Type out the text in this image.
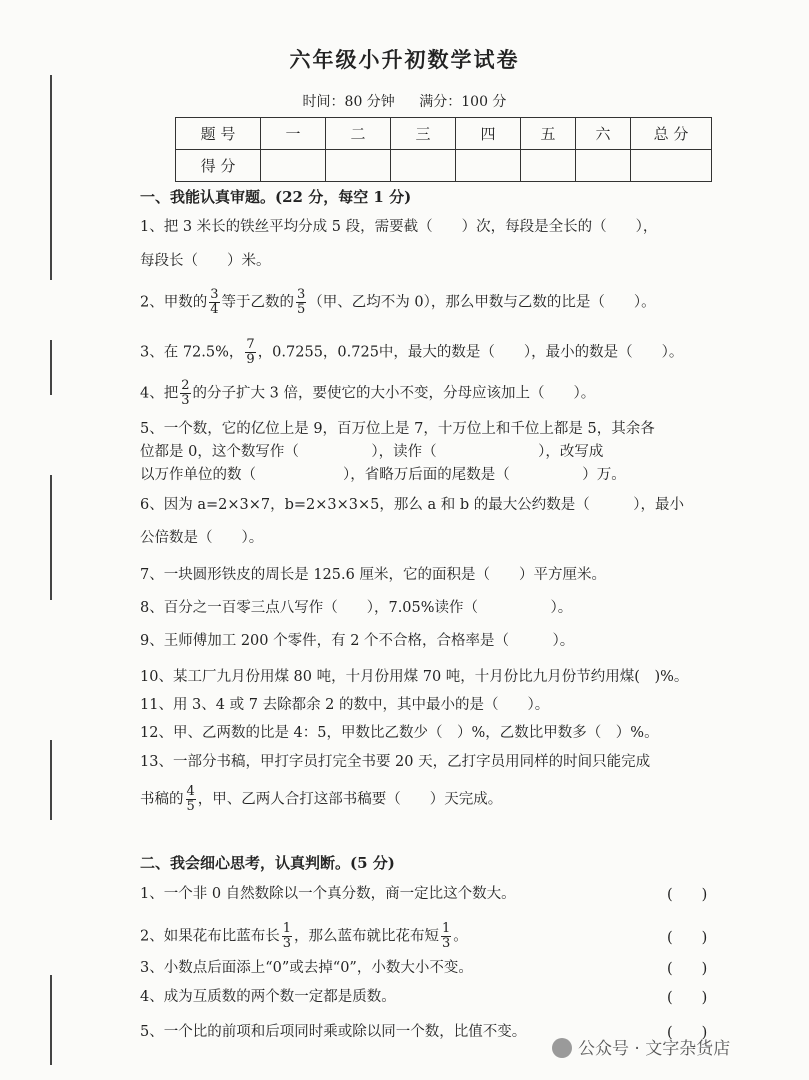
六年级小升初数学试卷
时间：80 分钟 满分：100 分
题 号	一	二	三	四	五	六	总 分
得 分							
一、我能认真审题。(22 分，每空 1 分)
1、把 3 米长的铁丝平均分成 5 段，需要截（　　）次，每段是全长的（　　），
每段长（　　）米。
2、甲数的 $\frac{3}{4}$ 等于乙数的 $\frac{3}{5}$ （甲、乙均不为 0），那么甲数与乙数的比是（　　）。
3、在 72.5%， $\frac{7}{9}$ ，0.7255，0.725中，最大的数是（　　），最小的数是（　　）。
4、把 $\frac{2}{3}$ 的分子扩大 3 倍，要使它的大小不变，分母应该加上（　　）。
5、一个数，它的亿位上是 9，百万位上是 7，十万位上和千位上都是 5，其余各
位都是 0，这个数写作（　　　　　），读作（　　　　　　　），改写成
以万作单位的数（　　　　　　），省略万后面的尾数是（　　　　　）万。
6、因为 a=2×3×7，b=2×3×3×5，那么 a 和 b 的最大公约数是（　　　），最小
公倍数是（　　）。
7、一块圆形铁皮的周长是 125.6 厘米，它的面积是（　　）平方厘米。
8、百分之一百零三点八写作（　　），7.05%读作（　　　　　）。
9、王师傅加工 200 个零件，有 2 个不合格，合格率是（　　　）。
10、某工厂九月份用煤 80 吨，十月份用煤 70 吨，十月份比九月份节约用煤(　)%。
11、用 3、4 或 7 去除都余 2 的数中，其中最小的是（　　）。
12、甲、乙两数的比是 4：5，甲数比乙数少（　）%，乙数比甲数多（　）%。
13、一部分书稿，甲打字员打完全书要 20 天，乙打字员用同样的时间只能完成
书稿的 $\frac{4}{5}$ ，甲、乙两人合打这部书稿要（　　）天完成。
二、我会细心思考，认真判断。(5 分)
1、一个非 0 自然数除以一个真分数，商一定比这个数大。	(　　)
2、如果花布比蓝布长 $\frac{1}{3}$ ，那么蓝布就比花布短 $\frac{1}{3}$ 。	(　　)
3、小数点后面添上“0”或去掉“0”，小数大小不变。	(　　)
4、成为互质数的两个数一定都是质数。	(　　)
5、一个比的前项和后项同时乘或除以同一个数，比值不变。	(　　)
公众号 · 文字杂货店
